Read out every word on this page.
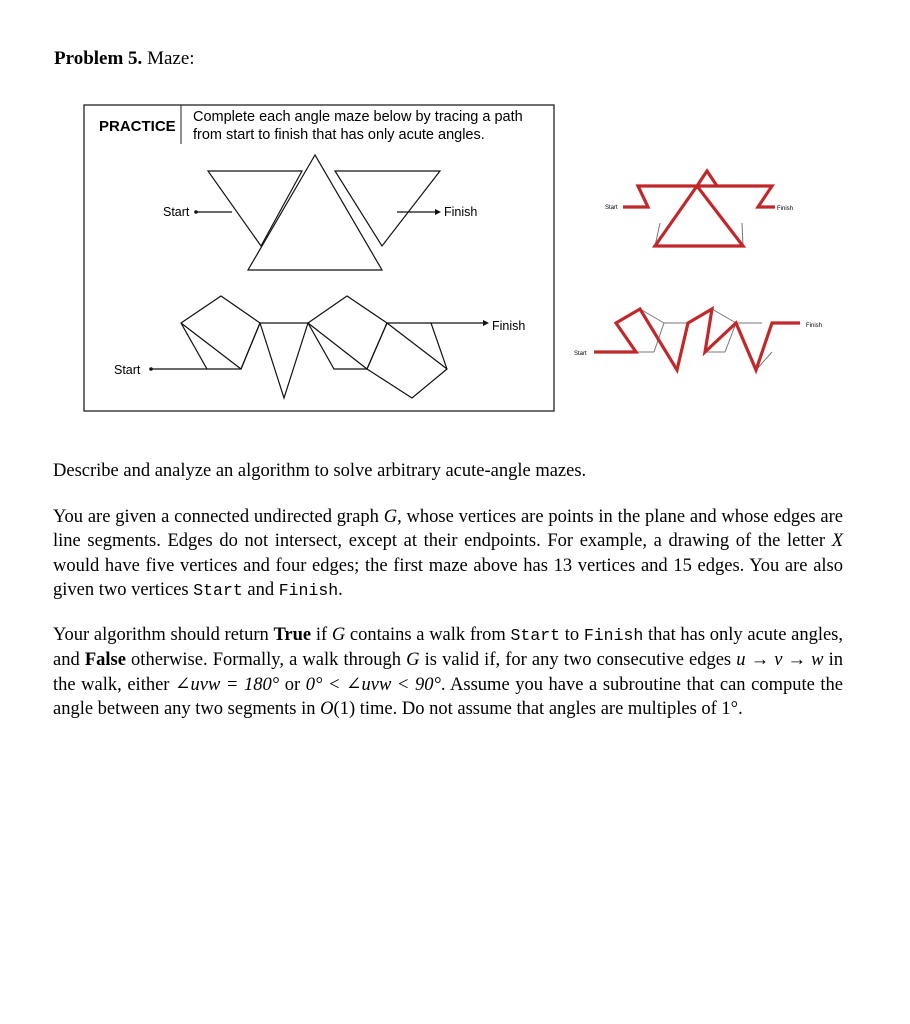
Problem 5. Maze:
PRACTICE
Complete each angle maze below by tracing a path
from start to finish that has only acute angles.
Start	Finish
Start
Finish
Start	Finish
Start
Finish

Describe and analyze an algorithm to solve arbitrary acute-angle mazes.

You are given a connected undirected graph G, whose vertices are points in the plane and whose edges are line segments. Edges do not intersect, except at their endpoints. For example, a drawing of the letter X would have five vertices and four edges; the first maze above has 13 vertices and 15 edges. You are also given two vertices Start and Finish.

Your algorithm should return True if G contains a walk from Start to Finish that has only acute angles, and False otherwise. Formally, a walk through G is valid if, for any two consecutive edges u → v → w in the walk, either ∠uvw = 180° or 0° < ∠uvw < 90°. Assume you have a subroutine that can compute the angle between any two segments in O(1) time. Do not assume that angles are multiples of 1°.
